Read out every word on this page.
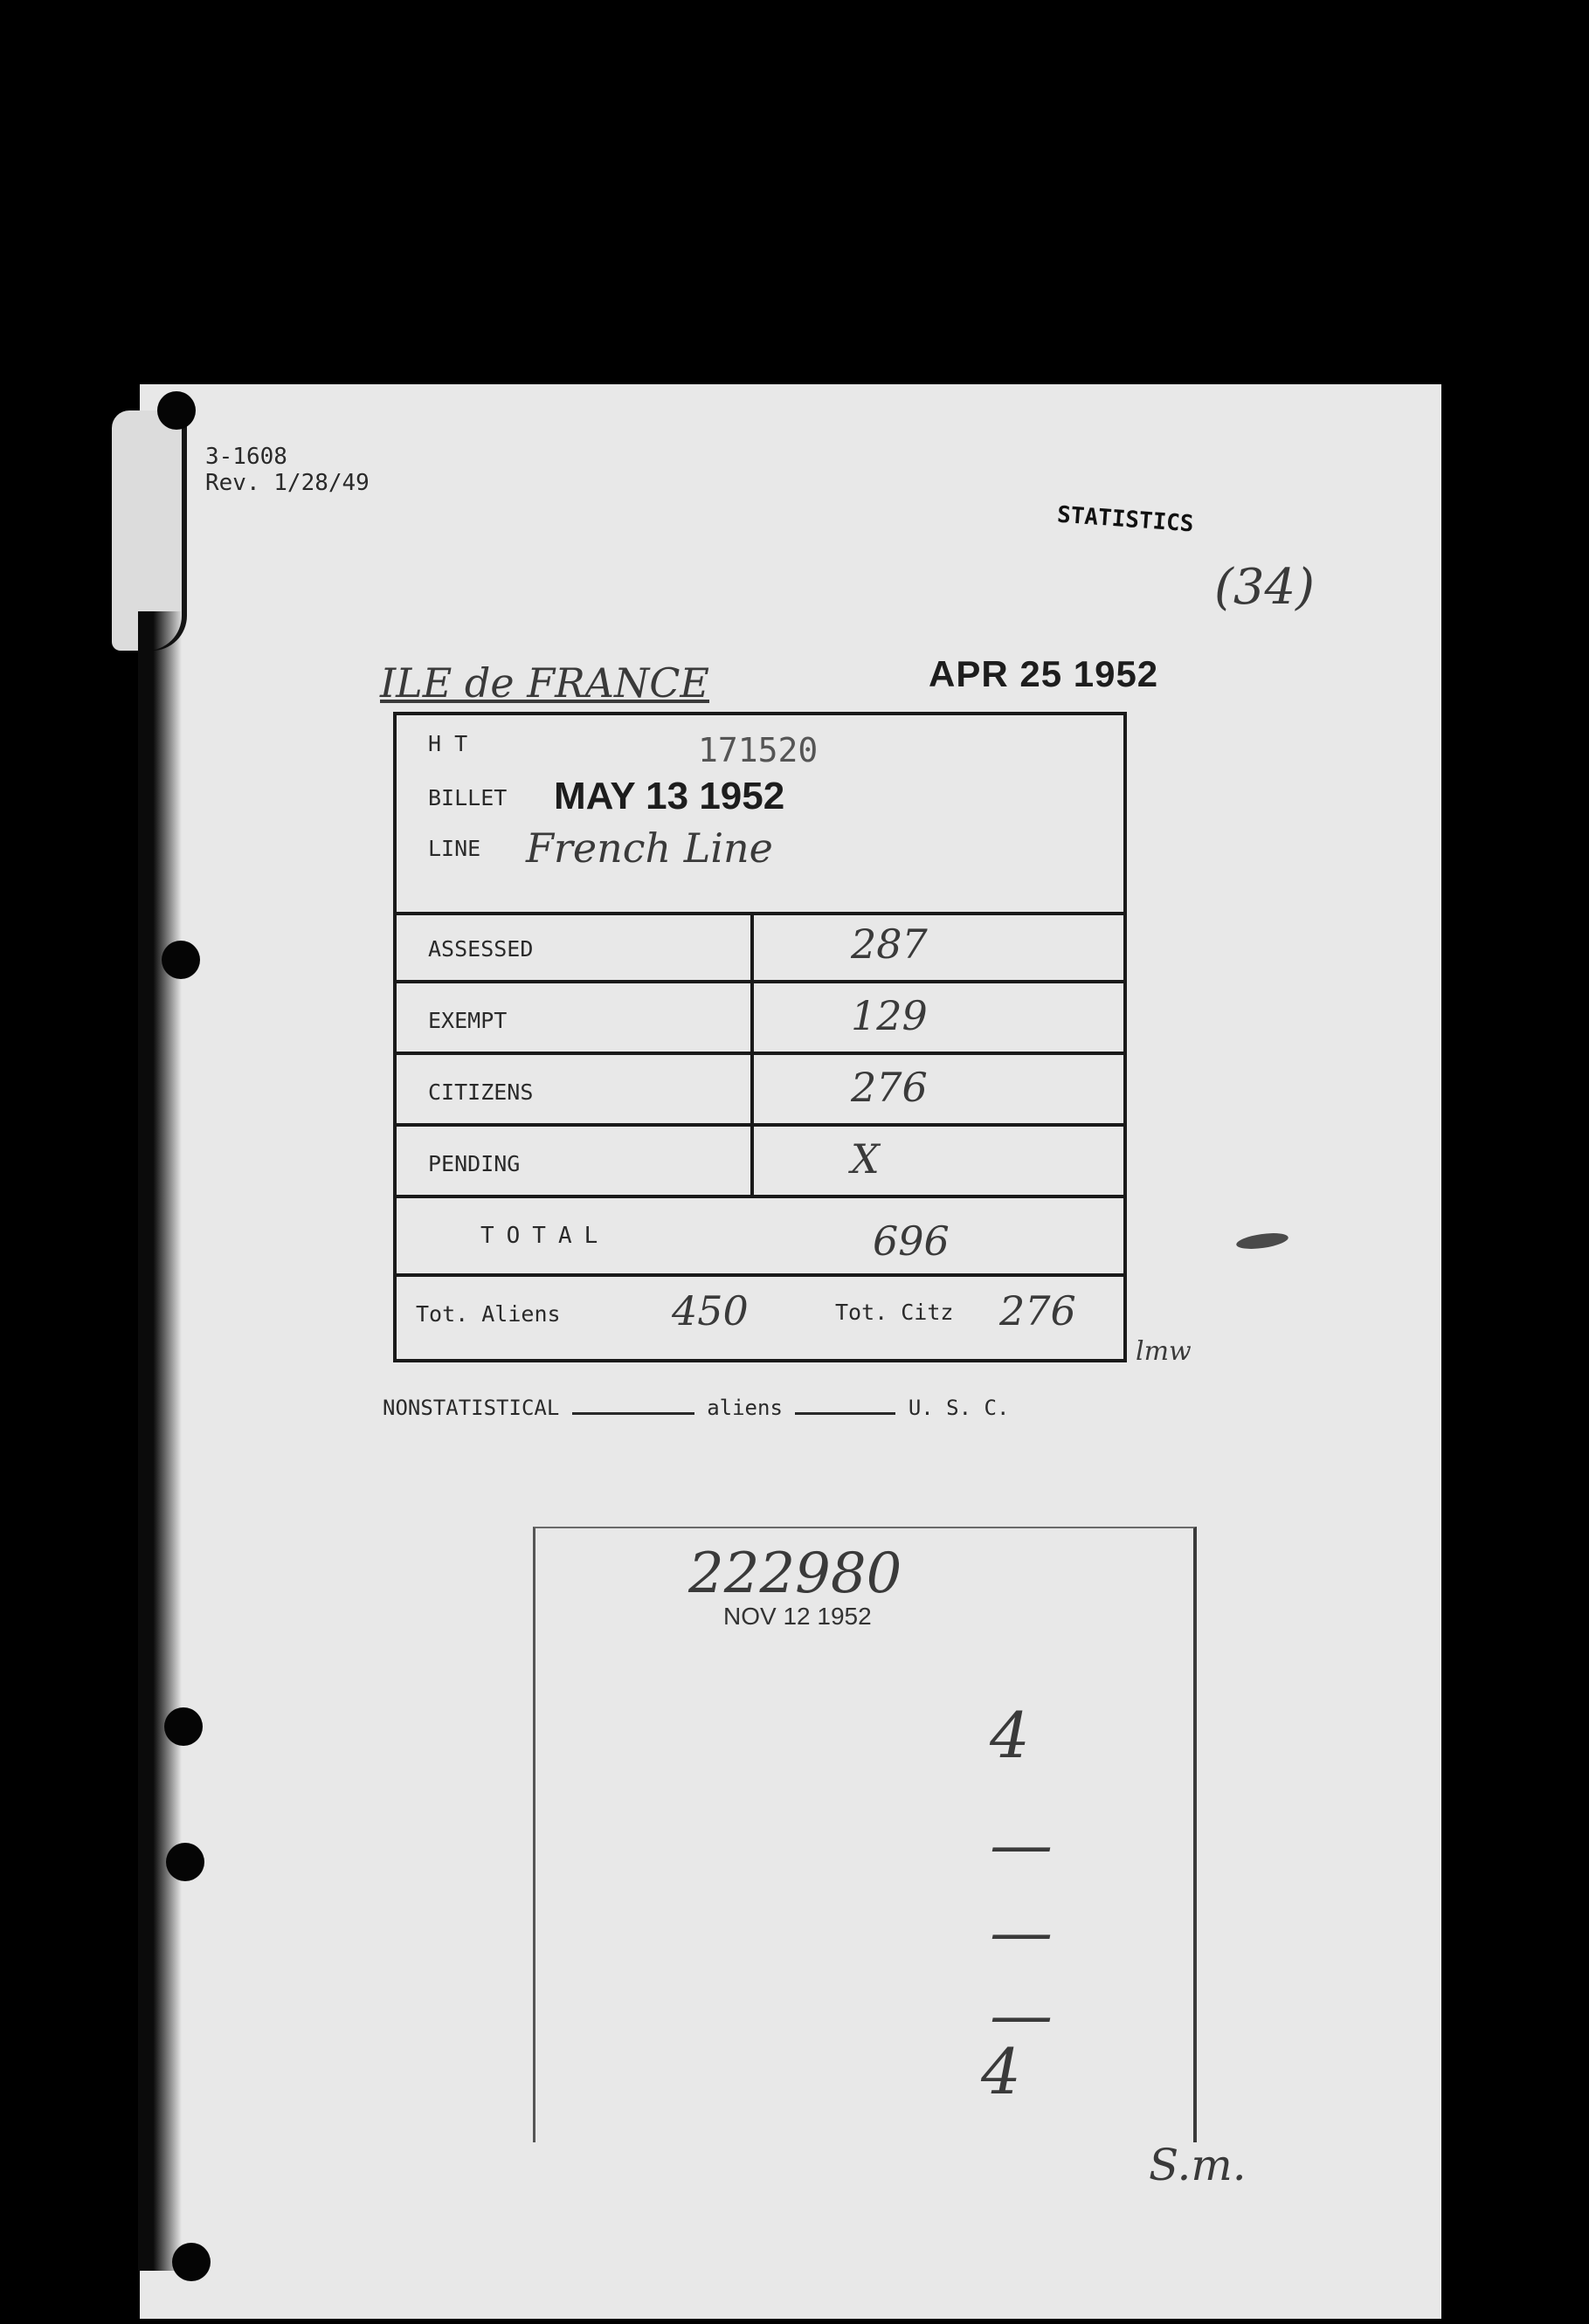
3-1608
Rev. 1/28/49
STATISTICS
(34)
ILE de FRANCE	APR 25 1952
H T	171520
BILLET MAY 13 1952
LINE French Line
ASSESSED	287
EXEMPT	129
CITIZENS	276
PENDING	X
TOTAL	696
Tot. Aliens	450	Tot. Citz 276
lmw
NONSTATISTICAL	aliens	U. S. C.
222980
NOV 12 1952
4
—
—
—
4
S.m.
